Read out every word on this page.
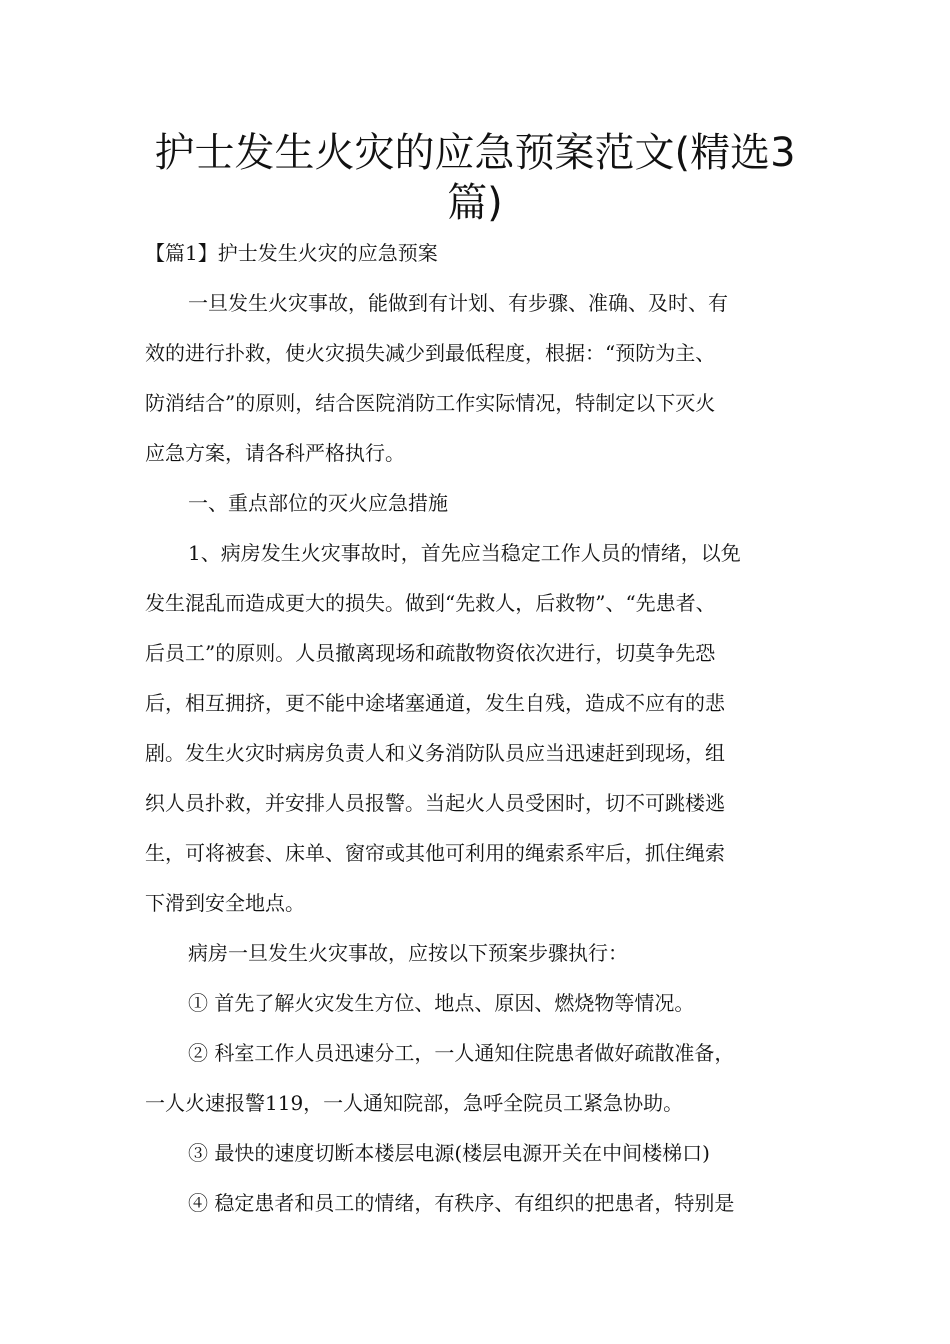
护士发生火灾的应急预案范文(精选3
篇)
【篇1】护士发生火灾的应急预案
一旦发生火灾事故，能做到有计划、有步骤、准确、及时、有
效的进行扑救，使火灾损失减少到最低程度，根据：“预防为主、
防消结合”的原则，结合医院消防工作实际情况，特制定以下灭火
应急方案，请各科严格执行。
一、重点部位的灭火应急措施
1、病房发生火灾事故时，首先应当稳定工作人员的情绪，以免
发生混乱而造成更大的损失。做到“先救人，后救物”、“先患者、
后员工”的原则。人员撤离现场和疏散物资依次进行，切莫争先恐
后，相互拥挤，更不能中途堵塞通道，发生自残，造成不应有的悲
剧。发生火灾时病房负责人和义务消防队员应当迅速赶到现场，组
织人员扑救，并安排人员报警。当起火人员受困时，切不可跳楼逃
生，可将被套、床单、窗帘或其他可利用的绳索系牢后，抓住绳索
下滑到安全地点。
病房一旦发生火灾事故，应按以下预案步骤执行：
① 首先了解火灾发生方位、地点、原因、燃烧物等情况。
② 科室工作人员迅速分工，一人通知住院患者做好疏散准备，
一人火速报警119，一人通知院部，急呼全院员工紧急协助。
③ 最快的速度切断本楼层电源(楼层电源开关在中间楼梯口)
④ 稳定患者和员工的情绪，有秩序、有组织的把患者，特别是
